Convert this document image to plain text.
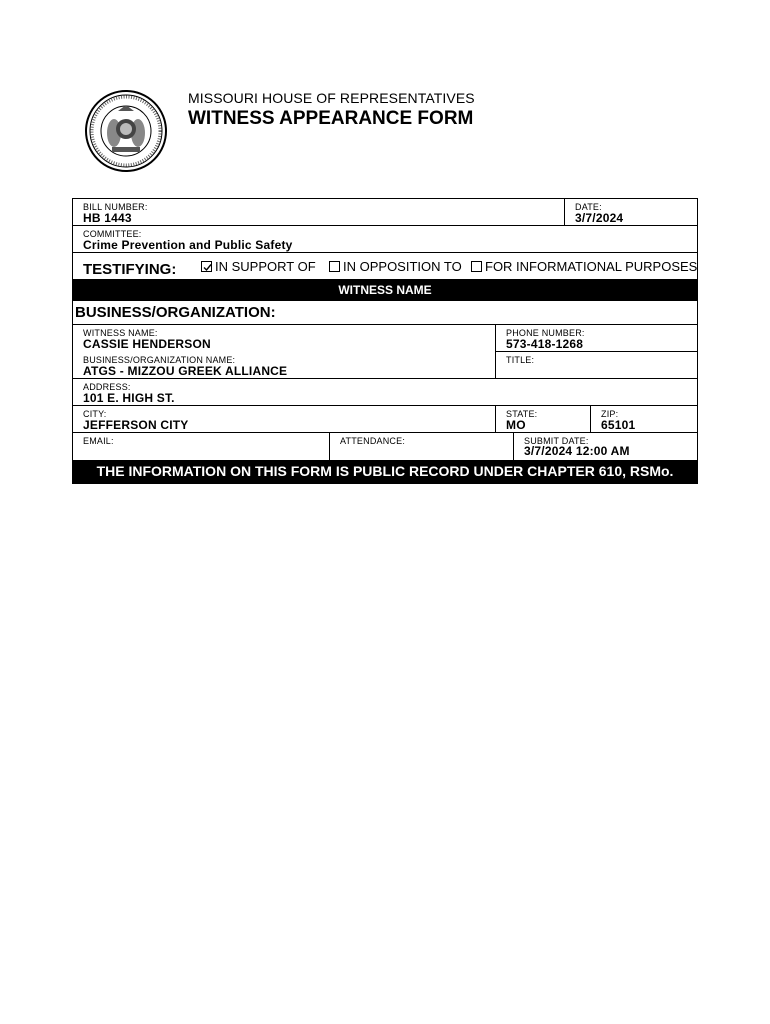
MISSOURI HOUSE OF REPRESENTATIVES
WITNESS APPEARANCE FORM
BILL NUMBER:
HB 1443
DATE:
3/7/2024
COMMITTEE:
Crime Prevention and Public Safety
TESTIFYING:	IN SUPPORT OF IN OPPOSITION TO FOR INFORMATIONAL PURPOSES
WITNESS NAME
BUSINESS/ORGANIZATION:
WITNESS NAME:
CASSIE HENDERSON
PHONE NUMBER:
573-418-1268
TITLE:
BUSINESS/ORGANIZATION NAME:
ATGS - MIZZOU GREEK ALLIANCE
ADDRESS:
101 E. HIGH ST.
CITY:
JEFFERSON CITY
STATE:
MO
ZIP:
65101
EMAIL:	ATTENDANCE:	SUBMIT DATE:
3/7/2024 12:00 AM
THE INFORMATION ON THIS FORM IS PUBLIC RECORD UNDER CHAPTER 610, RSMo.
